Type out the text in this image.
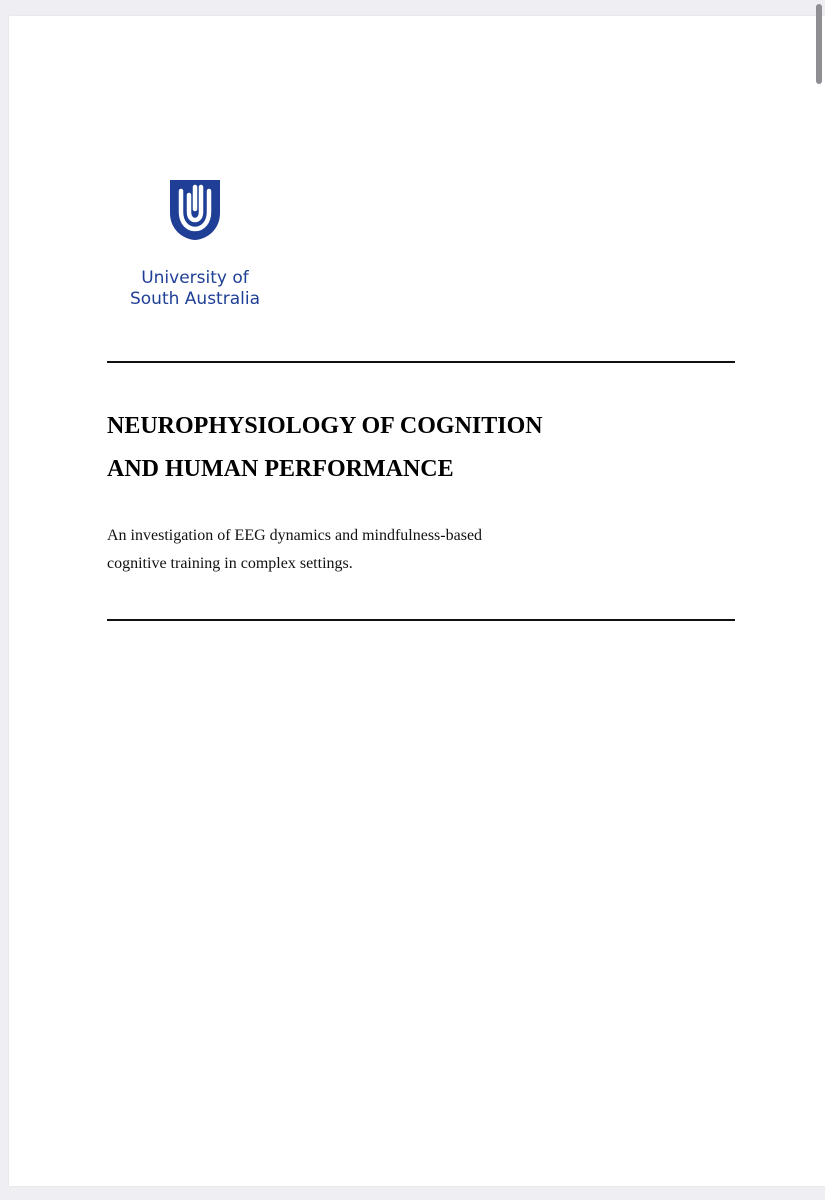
University of
South Australia
NEUROPHYSIOLOGY OF COGNITION
AND HUMAN PERFORMANCE

An investigation of EEG dynamics and mindfulness-based
cognitive training in complex settings.
